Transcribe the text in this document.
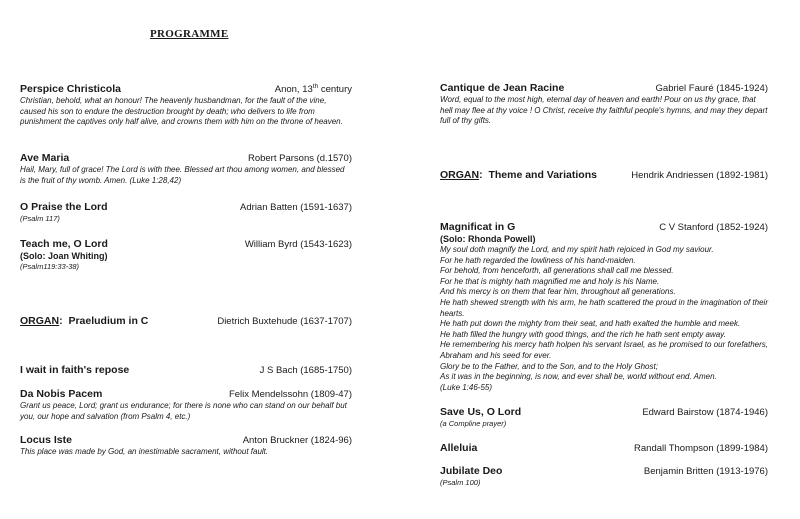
PROGRAMME
Perspice Christicola	Anon, 13th century
Christian, behold, what an honour! The heavenly husbandman, for the fault of the vine, caused his son to endure the destruction brought by death; who delivers to life from punishment the captives only half alive, and crowns them with him on the throne of heaven.
Ave Maria	Robert Parsons (d.1570)
Hail, Mary, full of grace! The Lord is with thee. Blessed art thou among women, and blessed is the fruit of thy womb. Amen. (Luke 1:28,42)
O Praise the Lord	Adrian Batten (1591-1637)
(Psalm 117)
Teach me, O Lord	William Byrd (1543-1623)
(Solo: Joan Whiting)
(Psalm119:33-38)
ORGAN:  Praeludium in C	Dietrich Buxtehude (1637-1707)
I wait in faith's repose	J S Bach (1685-1750)
Da Nobis Pacem	Felix Mendelssohn (1809-47)
Grant us peace, Lord; grant us endurance; for there is none who can stand on our behalf but you, our hope and salvation (from Psalm 4, etc.)
Locus Iste	Anton Bruckner (1824-96)
This place was made by God, an inestimable sacrament, without fault.
Cantique de Jean Racine	Gabriel Fauré (1845-1924)
Word, equal to the most high, eternal day of heaven and earth! Pour on us thy grace, that hell may flee at thy voice ! O Christ, receive thy faithful people's hymns, and may they depart full of thy gifts.
ORGAN:  Theme and Variations	Hendrik Andriessen (1892-1981)
Magnificat in G	C V Stanford (1852-1924)
(Solo: Rhonda Powell)
My soul doth magnify the Lord, and my spirit hath rejoiced in God my saviour.
For he hath regarded the lowliness of his hand-maiden.
For behold, from henceforth, all generations shall call me blessed.
For he that is mighty hath magnified me and holy is his Name.
And his mercy is on them that fear him, throughout all generations.
He hath shewed strength with his arm, he hath scattered the proud in the imagination of their hearts.
He hath put down the mighty from their seat, and hath exalted the humble and meek.
He hath filled the hungry with good things, and the rich he hath sent empty away.
He remembering his mercy hath holpen his servant Israel, as he promised to our forefathers, Abraham and his seed for ever.
Glory be to the Father, and to the Son, and to the Holy Ghost;
As it was in the beginning, is now, and ever shall be, world without end. Amen.
(Luke 1:46-55)
Save Us, O Lord	Edward Bairstow (1874-1946)
(a Compline prayer)
Alleluia	Randall Thompson (1899-1984)
Jubilate Deo	Benjamin Britten (1913-1976)
(Psalm 100)
